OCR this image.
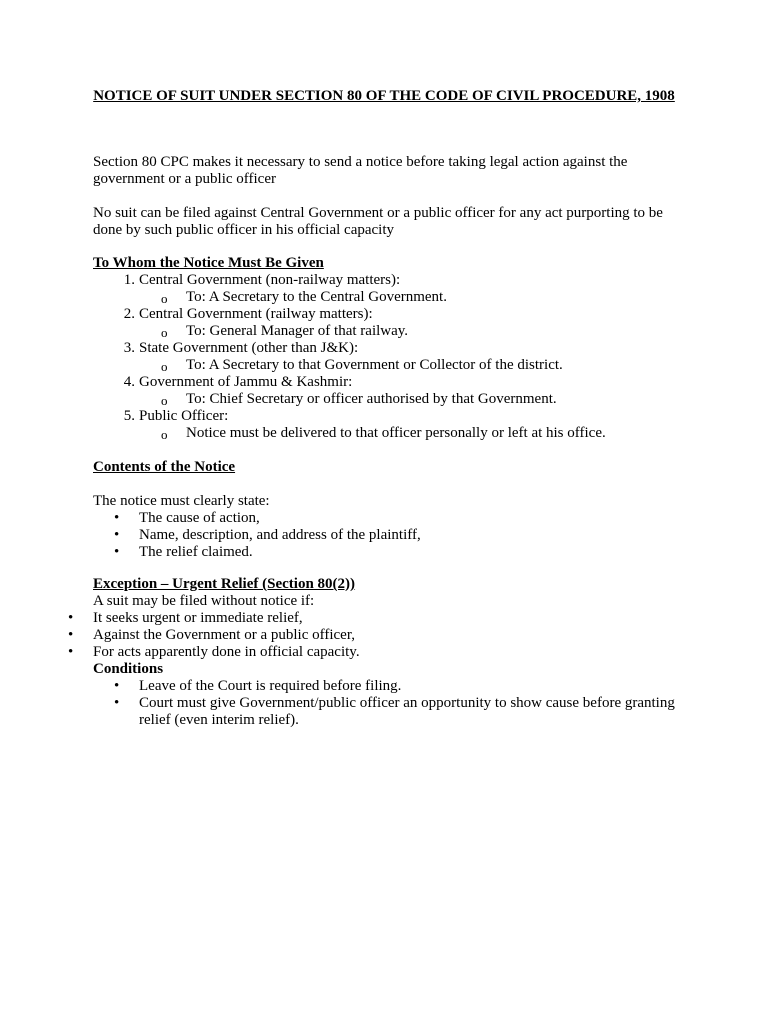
NOTICE OF SUIT UNDER SECTION 80 OF THE CODE OF CIVIL PROCEDURE, 1908
Section 80 CPC makes it necessary to send a notice before taking legal action against the government or a public officer
No suit can be filed against Central Government or a public officer for any act purporting to be done by such public officer in his official capacity
To Whom the Notice Must Be Given
1. Central Government (non-railway matters):
o To: A Secretary to the Central Government.
2. Central Government (railway matters):
o To: General Manager of that railway.
3. State Government (other than J&K):
o To: A Secretary to that Government or Collector of the district.
4. Government of Jammu & Kashmir:
o To: Chief Secretary or officer authorised by that Government.
5. Public Officer:
o Notice must be delivered to that officer personally or left at his office.
Contents of the Notice
The notice must clearly state:
• The cause of action,
• Name, description, and address of the plaintiff,
• The relief claimed.
Exception – Urgent Relief (Section 80(2))
A suit may be filed without notice if:
• It seeks urgent or immediate relief,
• Against the Government or a public officer,
• For acts apparently done in official capacity.
Conditions
• Leave of the Court is required before filing.
• Court must give Government/public officer an opportunity to show cause before granting relief (even interim relief).
